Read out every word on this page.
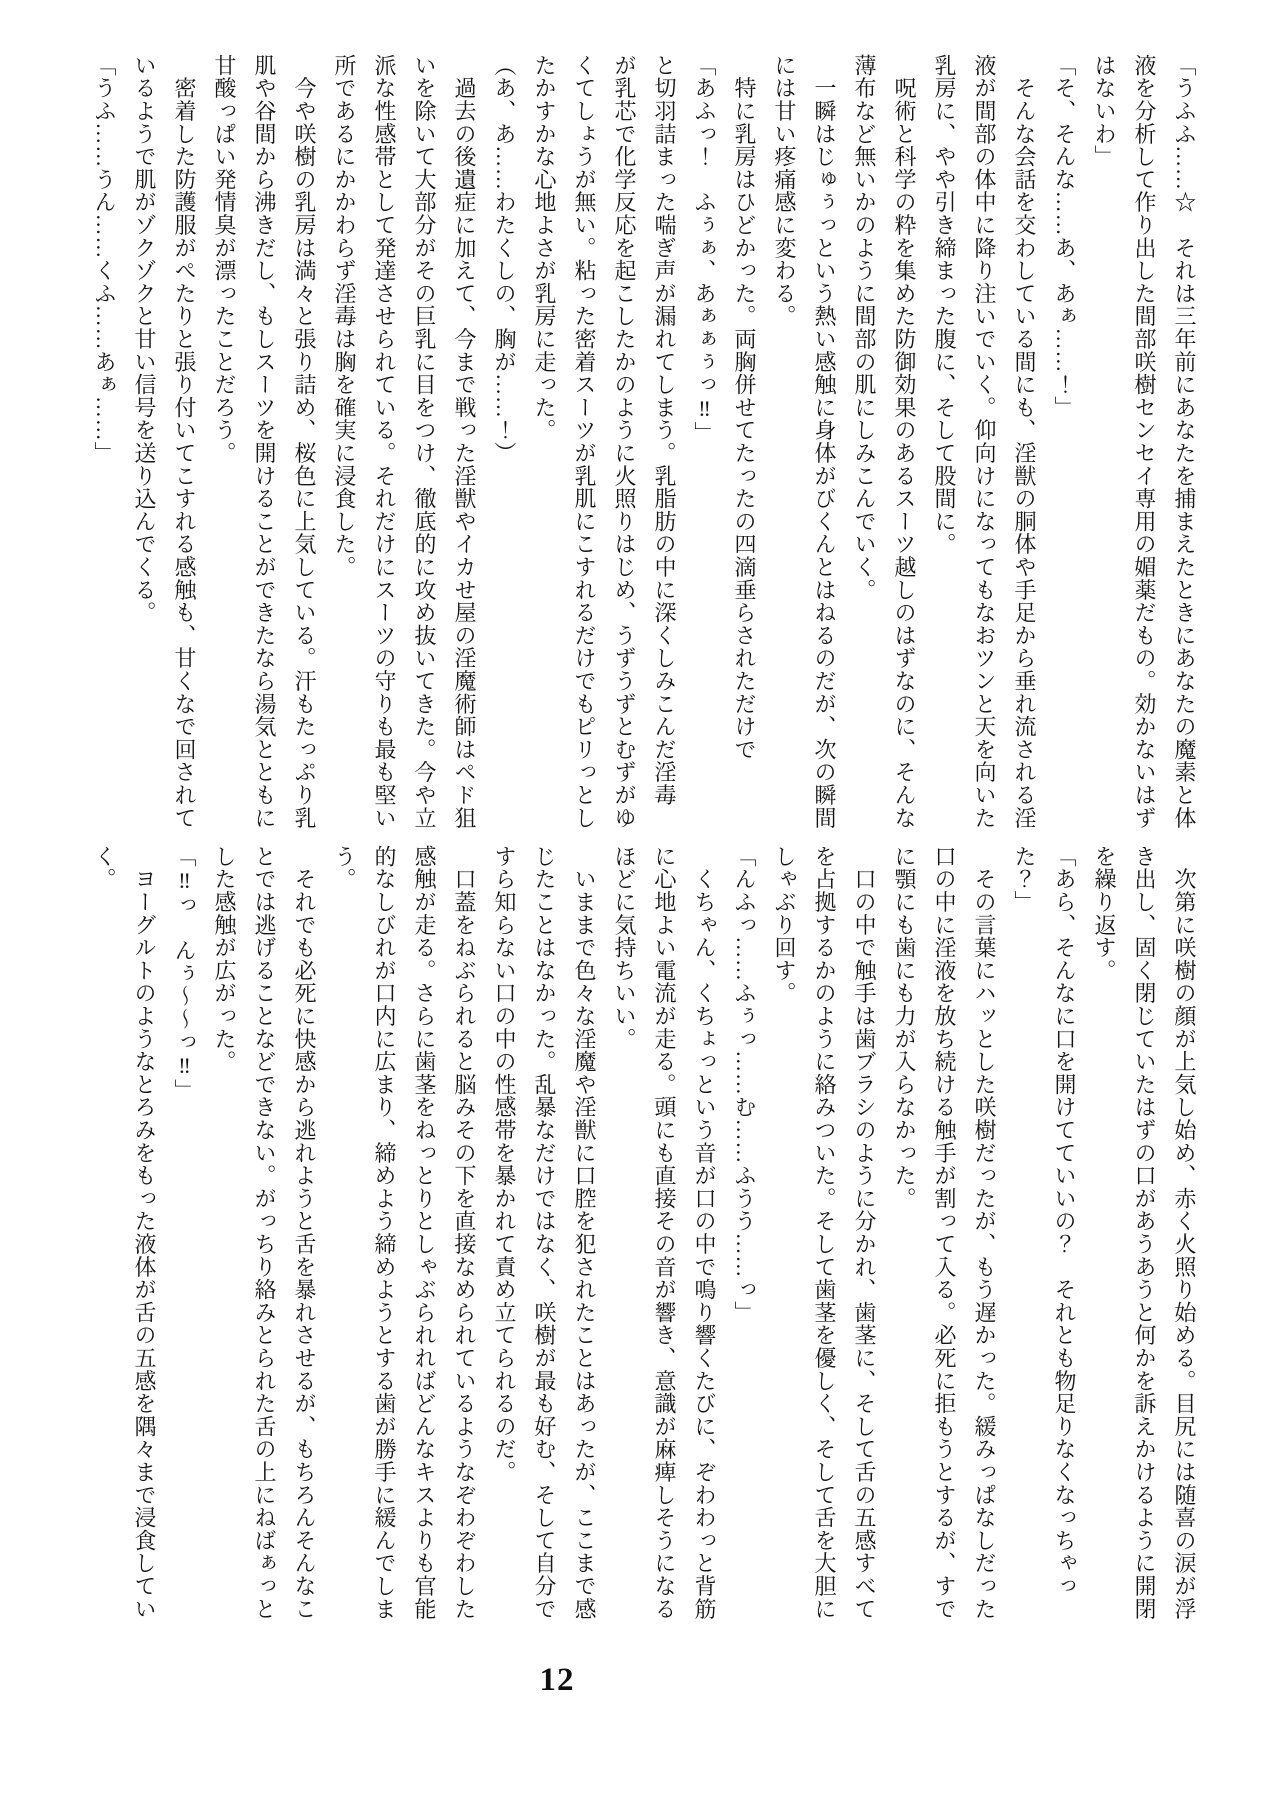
「うふふ……☆　それは三年前にあなたを捕まえたときにあなたの魔素と体

液を分析して作り出した間部咲樹センセイ専用の媚薬だもの。効かないはず

はないわ」

「そ、そんな……あ、あぁ……！」

　そんな会話を交わしている間にも、淫獣の胴体や手足から垂れ流される淫

液が間部の体中に降り注いでいく。仰向けになってもなおツンと天を向いた

乳房に、やや引き締まった腹に、そして股間に。

　呪術と科学の粋を集めた防御効果のあるスーツ越しのはずなのに、そんな

薄布など無いかのように間部の肌にしみこんでいく。

　一瞬はじゅぅっという熱い感触に身体がびくんとはねるのだが、次の瞬間

には甘い疼痛感に変わる。

　特に乳房はひどかった。両胸併せてたったの四滴垂らされただけで

「あふっ！　ふぅぁ、あぁぁぅっ‼」

と切羽詰まった喘ぎ声が漏れてしまう。乳脂肪の中に深くしみこんだ淫毒

が乳芯で化学反応を起こしたかのように火照りはじめ、うずうずとむずがゆ

くてしょうが無い。粘った密着スーツが乳肌にこすれるだけでもピリっとし

たかすかな心地よさが乳房に走った。

（あ、あ……わたくしの、胸が……！）

　過去の後遺症に加えて、今まで戦った淫獣やイカせ屋の淫魔術師はペド狙

いを除いて大部分がその巨乳に目をつけ、徹底的に攻め抜いてきた。今や立

派な性感帯として発達させられている。それだけにスーツの守りも最も堅い

所であるにかかわらず淫毒は胸を確実に浸食した。

　今や咲樹の乳房は満々と張り詰め、桜色に上気している。汗もたっぷり乳

肌や谷間から沸きだし、もしスーツを開けることができたなら湯気とともに

甘酸っぱい発情臭が漂ったことだろう。

　密着した防護服がぺたりと張り付いてこすれる感触も、甘くなで回されて

いるようで肌がゾクゾクと甘い信号を送り込んでくる。

「うふ……うん……くふ……あぁ……」

　次第に咲樹の顔が上気し始め、赤く火照り始める。目尻には随喜の涙が浮

き出し、固く閉じていたはずの口があうあうと何かを訴えかけるように開閉

を繰り返す。

「あら、そんなに口を開けてていいの？　それとも物足りなくなっちゃっ

た？」

　その言葉にハッとした咲樹だったが、もう遅かった。緩みっぱなしだった

口の中に淫液を放ち続ける触手が割って入る。必死に拒もうとするが、すで

に顎にも歯にも力が入らなかった。

　口の中で触手は歯ブラシのように分かれ、歯茎に、そして舌の五感すべて

を占拠するかのように絡みついた。そして歯茎を優しく、そして舌を大胆に

しゃぶり回す。

「んふっ……ふぅっ……む……ふうう……っ」

　くちゃん、くちょっという音が口の中で鳴り響くたびに、ぞわわっと背筋

に心地よい電流が走る。頭にも直接その音が響き、意識が麻痺しそうになる

ほどに気持ちいい。

　いままで色々な淫魔や淫獣に口腔を犯されたことはあったが、ここまで感

じたことはなかった。乱暴なだけではなく、咲樹が最も好む、そして自分で

すら知らない口の中の性感帯を暴かれて責め立てられるのだ。

　口蓋をねぶられると脳みその下を直接なめられているようなぞわぞわした

感触が走る。さらに歯茎をねっとりとしゃぶられればどんなキスよりも官能

的なしびれが口内に広まり、締めよう締めようとする歯が勝手に緩んでしま

う。

　それでも必死に快感から逃れようと舌を暴れさせるが、もちろんそんなこ

とでは逃げることなどできない。がっちり絡みとられた舌の上にねばぁっと

した感触が広がった。

「‼っ　んぅ～～っ‼」

　ヨーグルトのようなとろみをもった液体が舌の五感を隅々まで浸食してい

く。

12
